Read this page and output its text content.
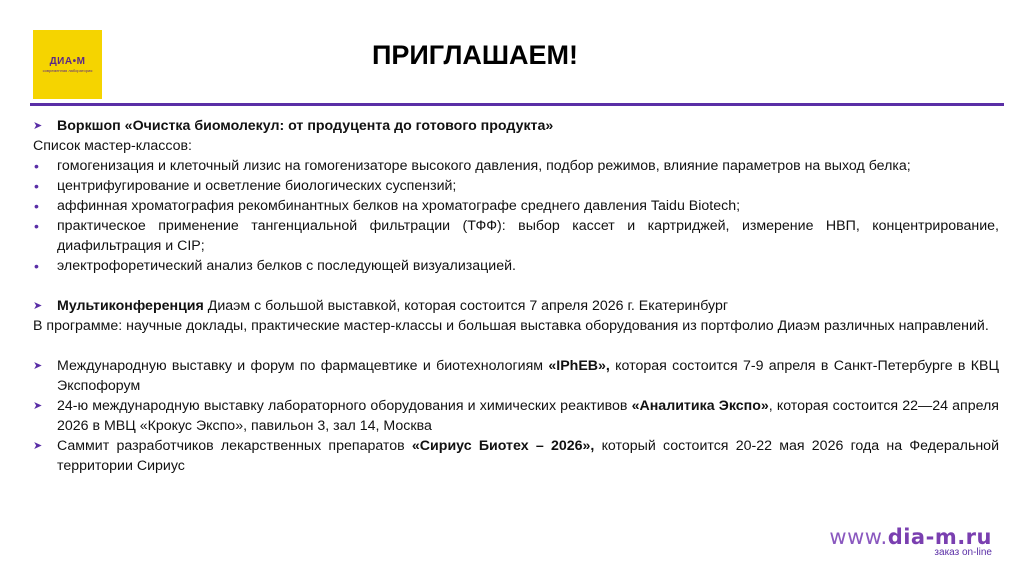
ДИА•М
современная лаборатория
ПРИГЛАШАЕМ!
➤	Воркшоп «Очистка биомолекул: от продуцента до готового продукта»
Список мастер-классов:
•	гомогенизация и клеточный лизис на гомогенизаторе высокого давления, подбор режимов, влияние параметров на выход белка;
•	центрифугирование и осветление биологических суспензий;
•	аффинная хроматография рекомбинантных белков на хроматографе среднего давления Taidu Biotech;
•	практическое применение тангенциальной фильтрации (ТФФ): выбор кассет и картриджей, измерение НВП, концентрирование, диафильтрация и CIP;
•	электрофоретический анализ белков с последующей визуализацией.
➤	Мультиконференция Диаэм с большой выставкой, которая состоится 7 апреля 2026 г. Екатеринбург
В программе: научные доклады, практические мастер-классы и большая выставка оборудования из портфолио Диаэм различных направлений.
➤	Международную выставку и форум по фармацевтике и биотехнологиям «IPhEB», которая состоится 7-9 апреля в Санкт-Петербурге в КВЦ Экспофорум
➤	24-ю международную выставку лабораторного оборудования и химических реактивов «Аналитика Экспо», которая состоится 22—24 апреля 2026 в МВЦ «Крокус Экспо», павильон 3, зал 14, Москва
➤	Саммит разработчиков лекарственных препаратов «Сириус Биотех – 2026», который состоится 20-22 мая 2026 года на Федеральной территории Сириус
www.dia-m.ru
заказ on-line
